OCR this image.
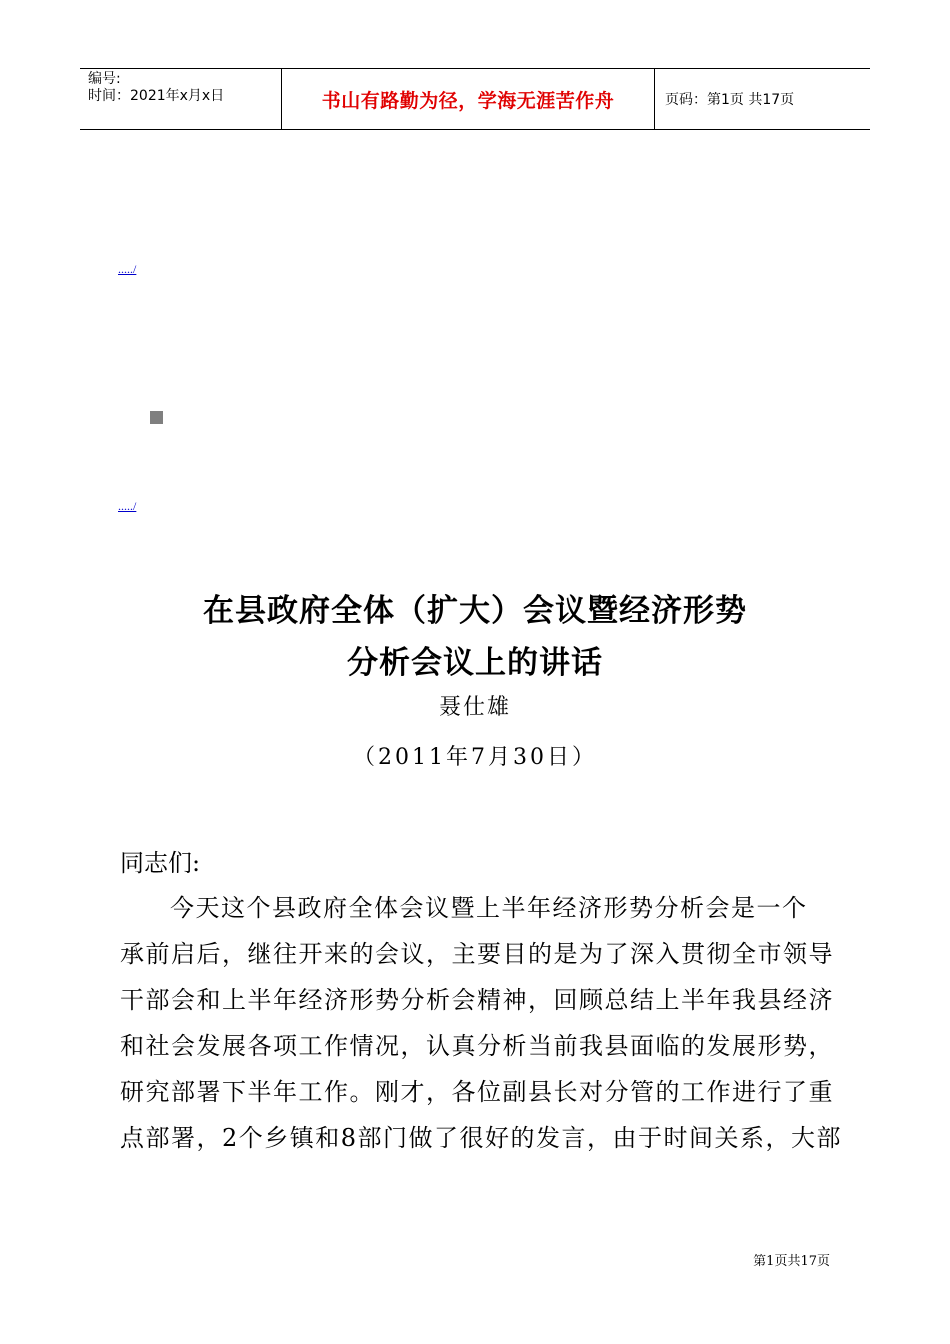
编号:
时间：2021年x月x日	书山有路勤为径，学海无涯苦作舟	页码：第1页 共17页
...../
...../
在县政府全体（扩大）会议暨经济形势
分析会议上的讲话
聂仕雄
（2011年7月30日）
同志们:
今天这个县政府全体会议暨上半年经济形势分析会是一个
承前启后，继往开来的会议，主要目的是为了深入贯彻全市领导
干部会和上半年经济形势分析会精神，回顾总结上半年我县经济
和社会发展各项工作情况，认真分析当前我县面临的发展形势，
研究部署下半年工作。刚才，各位副县长对分管的工作进行了重
点部署，2个乡镇和8部门做了很好的发言，由于时间关系，大部
第1页共17页
